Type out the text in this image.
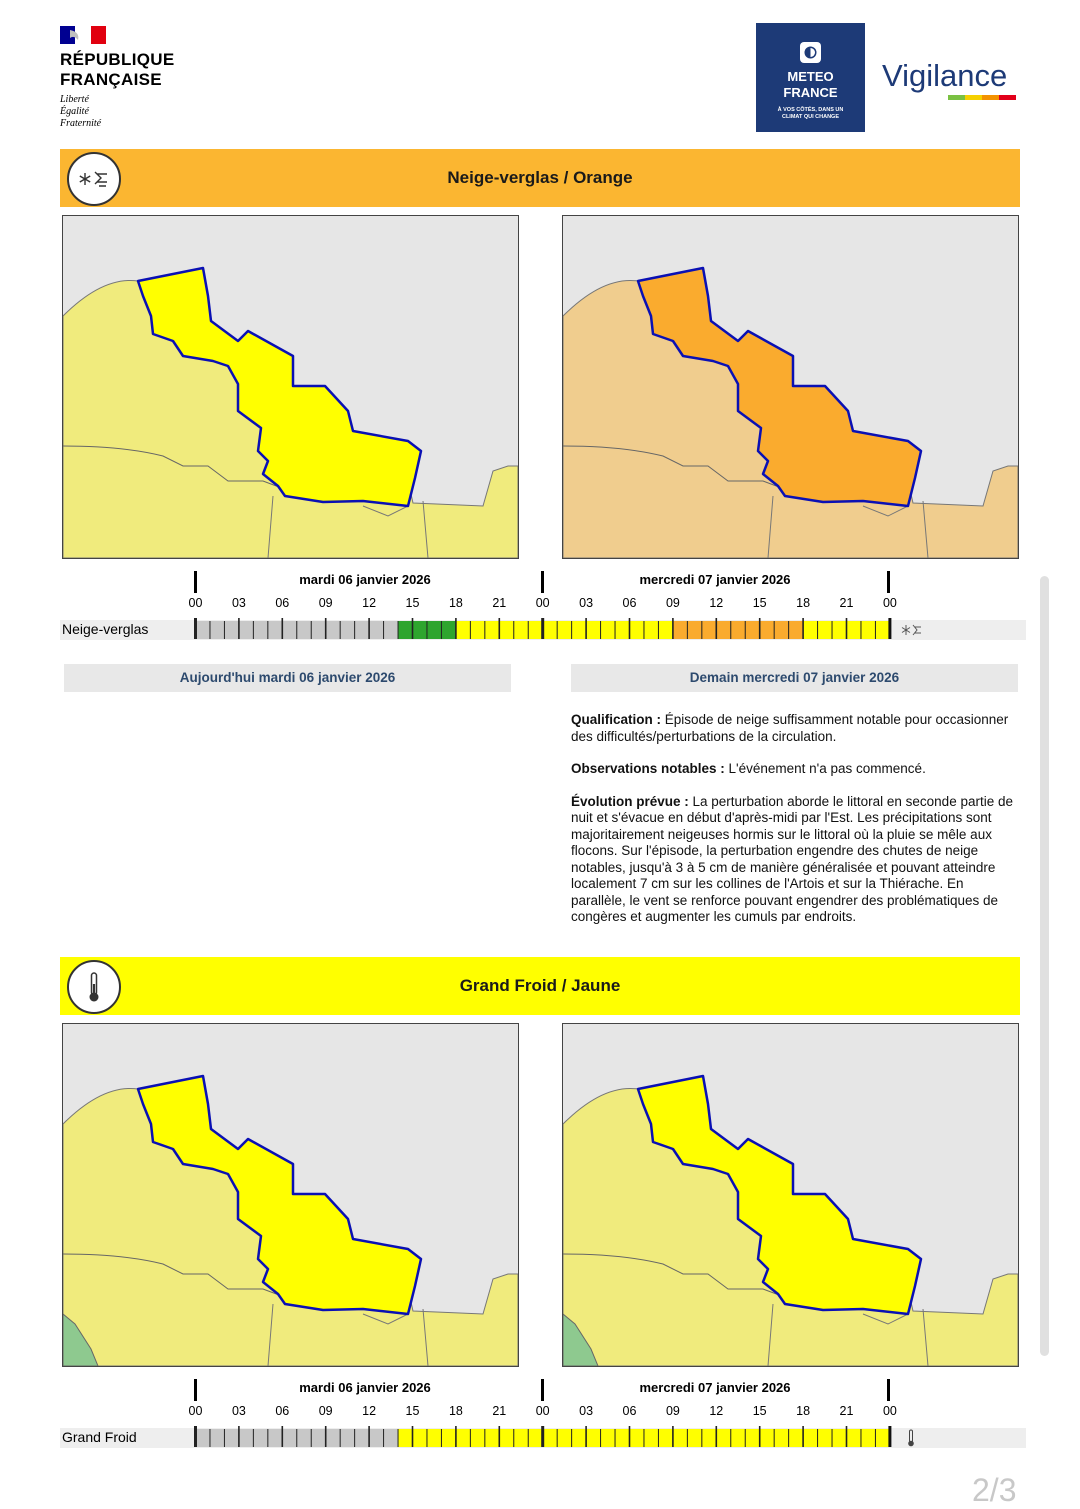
RÉPUBLIQUE
FRANÇAISE
Liberté
Égalité
Fraternité
METEO
FRANCE
À VOS CÔTÉS, DANS UN
CLIMAT QUI CHANGE
Vigilance
Neige-verglas / Orange
mardi 06 janvier 2026	mercredi 07 janvier 2026
00	03	06	09	12	15	18	21	00	03	06	09	12	15	18	21	00
Neige-verglas
Aujourd'hui mardi 06 janvier 2026	Demain mercredi 07 janvier 2026

Qualification : Épisode de neige suffisamment notable pour occasionner des difficultés/perturbations de la circulation.

Observations notables : L'événement n'a pas commencé.

Évolution prévue : La perturbation aborde le littoral en seconde partie de nuit et s'évacue en début d'après-midi par l'Est. Les précipitations sont majoritairement neigeuses hormis sur le littoral où la pluie se mêle aux flocons. Sur l'épisode, la perturbation engendre des chutes de neige notables, jusqu'à 3 à 5 cm de manière généralisée et pouvant atteindre localement 7 cm sur les collines de l'Artois et sur la Thiérache. En parallèle, le vent se renforce pouvant engendrer des problématiques de congères et augmenter les cumuls par endroits.

Grand Froid / Jaune
mardi 06 janvier 2026	mercredi 07 janvier 2026
00	03	06	09	12	15	18	21	00	03	06	09	12	15	18	21	00
Grand Froid
2/3
